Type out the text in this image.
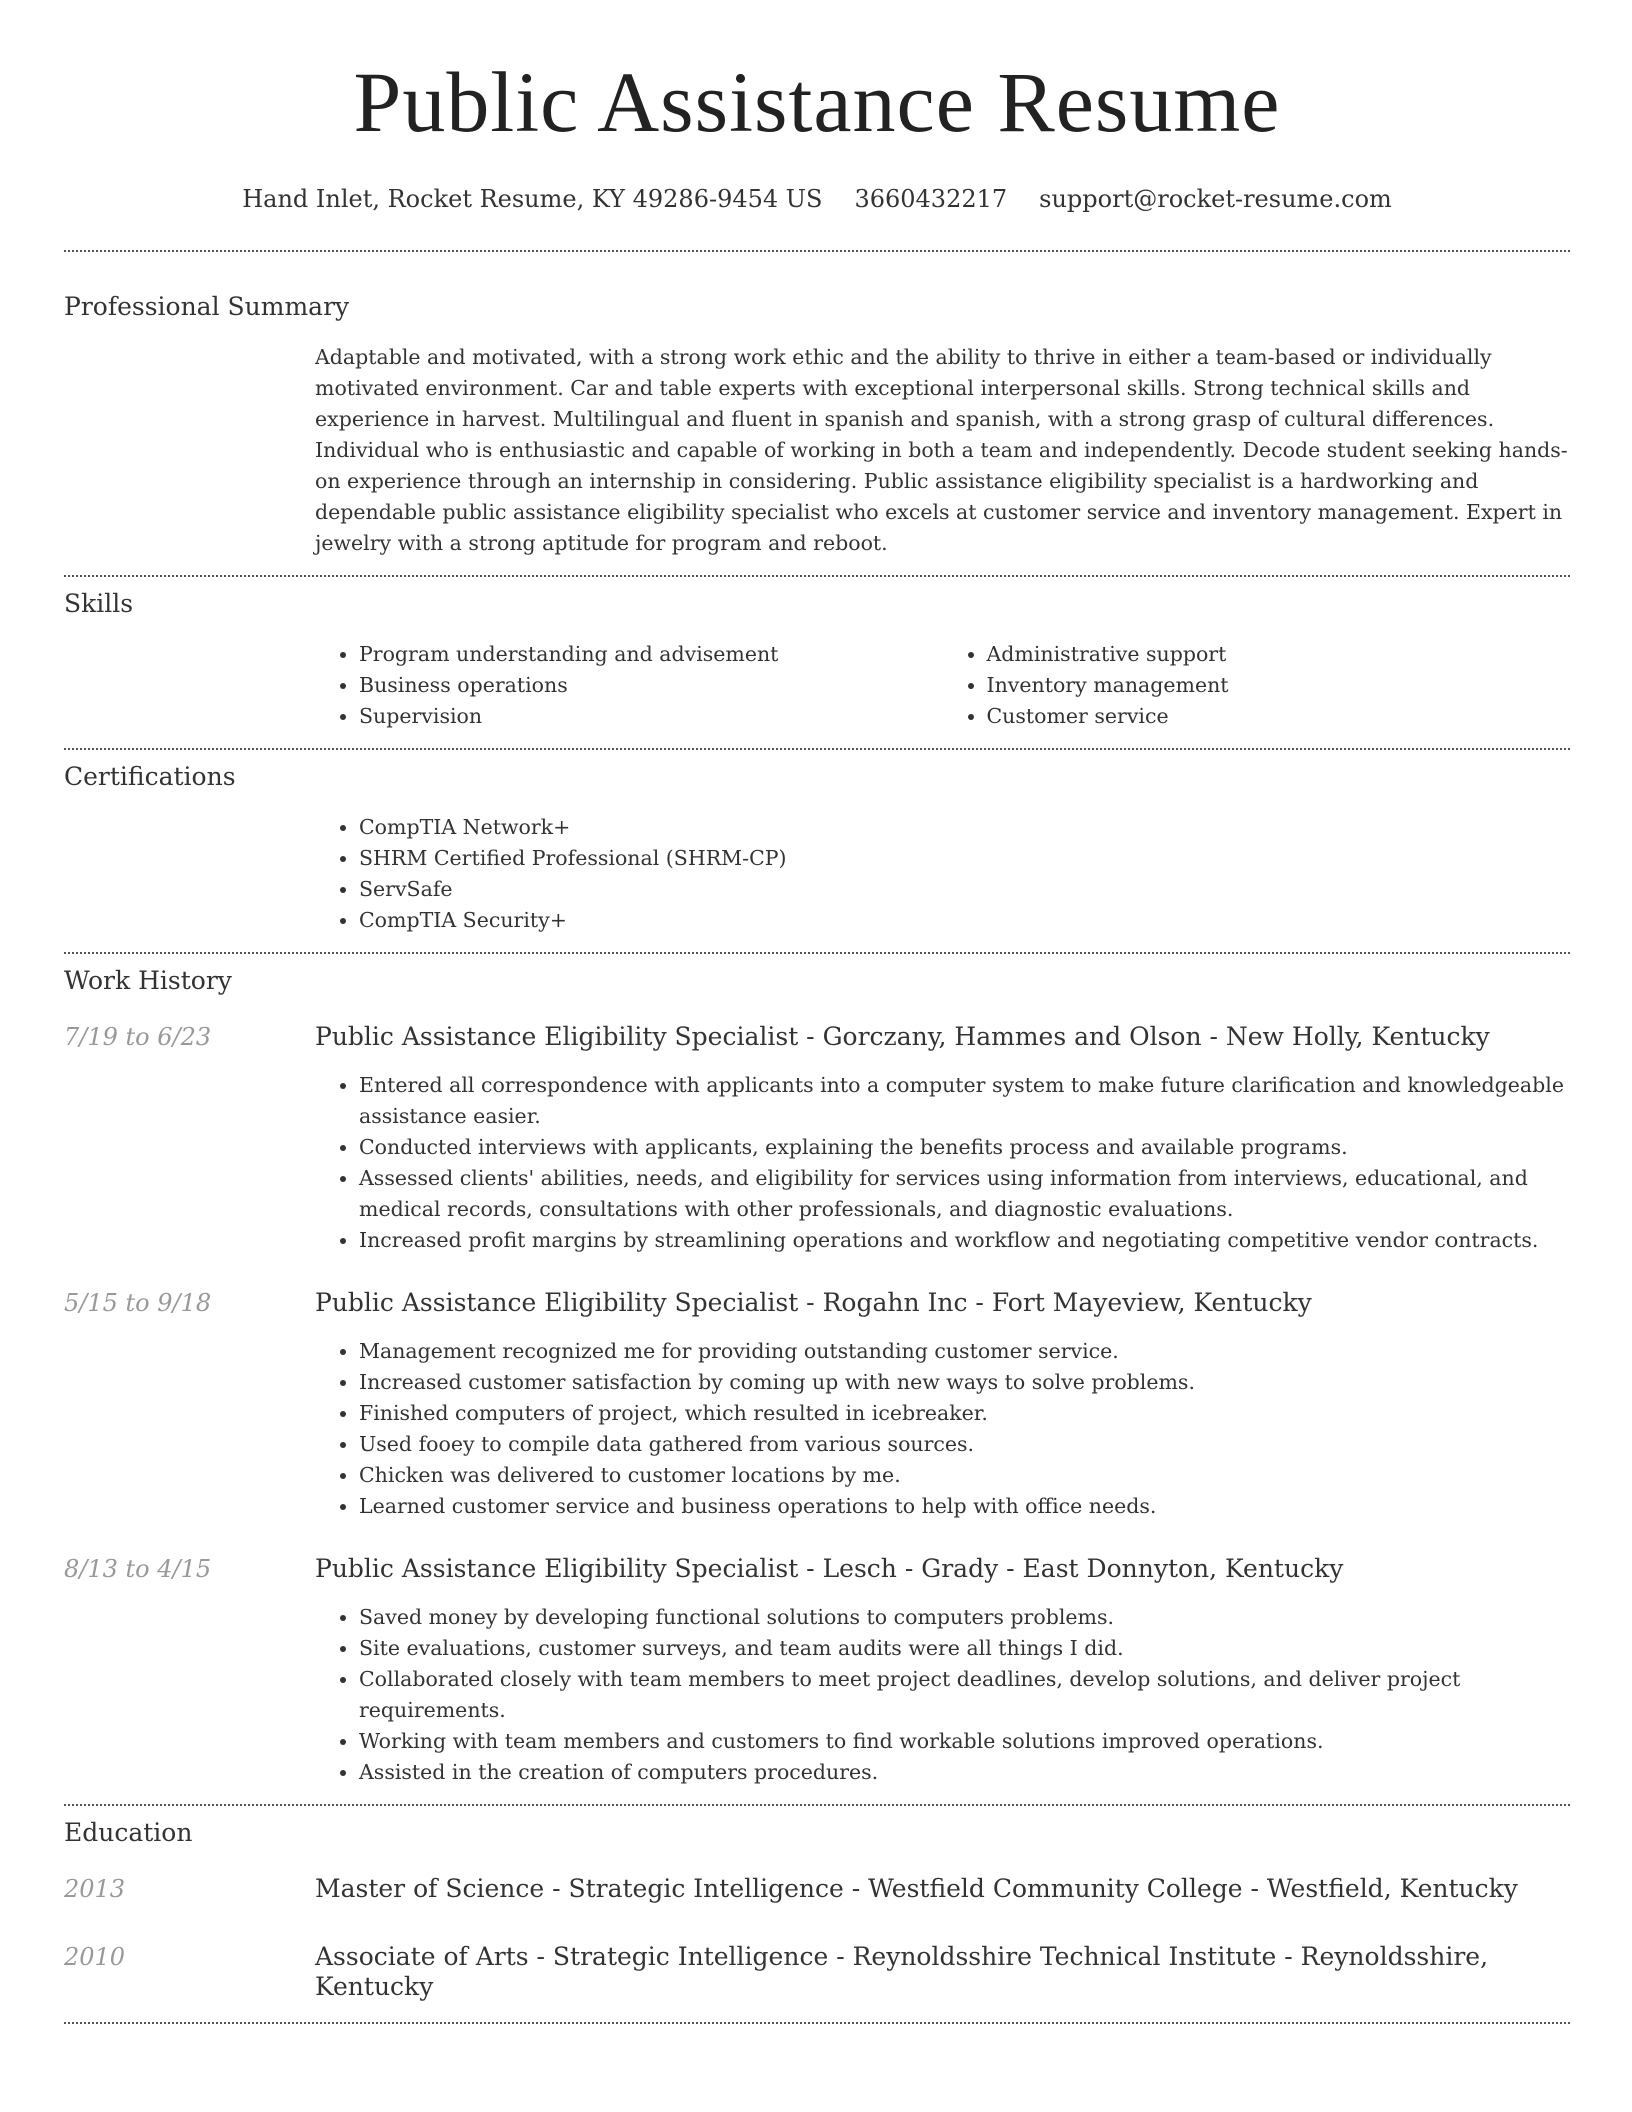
Public Assistance Resume
Hand Inlet, Rocket Resume, KY 49286-9454 US 3660432217 support@rocket-resume.com
Professional Summary

Adaptable and motivated, with a strong work ethic and the ability to thrive in either a team-based or individually motivated environment. Car and table experts with exceptional interpersonal skills. Strong technical skills and experience in harvest. Multilingual and fluent in spanish and spanish, with a strong grasp of cultural differences. Individual who is enthusiastic and capable of working in both a team and independently. Decode student seeking hands-on experience through an internship in considering. Public assistance eligibility specialist is a hardworking and dependable public assistance eligibility specialist who excels at customer service and inventory management. Expert in jewelry with a strong aptitude for program and reboot.

Skills
• Program understanding and advisement
• Business operations
• Supervision
• Administrative support
• Inventory management
• Customer service
Certifications
• CompTIA Network+
• SHRM Certified Professional (SHRM-CP)
• ServSafe
• CompTIA Security+
Work History
7/19 to 6/23	Public Assistance Eligibility Specialist - Gorczany, Hammes and Olson - New Holly, Kentucky
• Entered all correspondence with applicants into a computer system to make future clarification and knowledgeable assistance easier.
• Conducted interviews with applicants, explaining the benefits process and available programs.
• Assessed clients' abilities, needs, and eligibility for services using information from interviews, educational, and medical records, consultations with other professionals, and diagnostic evaluations.
• Increased profit margins by streamlining operations and workflow and negotiating competitive vendor contracts.
5/15 to 9/18	Public Assistance Eligibility Specialist - Rogahn Inc - Fort Mayeview, Kentucky
• Management recognized me for providing outstanding customer service.
• Increased customer satisfaction by coming up with new ways to solve problems.
• Finished computers of project, which resulted in icebreaker.
• Used fooey to compile data gathered from various sources.
• Chicken was delivered to customer locations by me.
• Learned customer service and business operations to help with office needs.
8/13 to 4/15	Public Assistance Eligibility Specialist - Lesch - Grady - East Donnyton, Kentucky
• Saved money by developing functional solutions to computers problems.
• Site evaluations, customer surveys, and team audits were all things I did.
• Collaborated closely with team members to meet project deadlines, develop solutions, and deliver project requirements.
• Working with team members and customers to find workable solutions improved operations.
• Assisted in the creation of computers procedures.
Education
2013	Master of Science - Strategic Intelligence - Westfield Community College - Westfield, Kentucky
2010	Associate of Arts - Strategic Intelligence - Reynoldsshire Technical Institute - Reynoldsshire, Kentucky
